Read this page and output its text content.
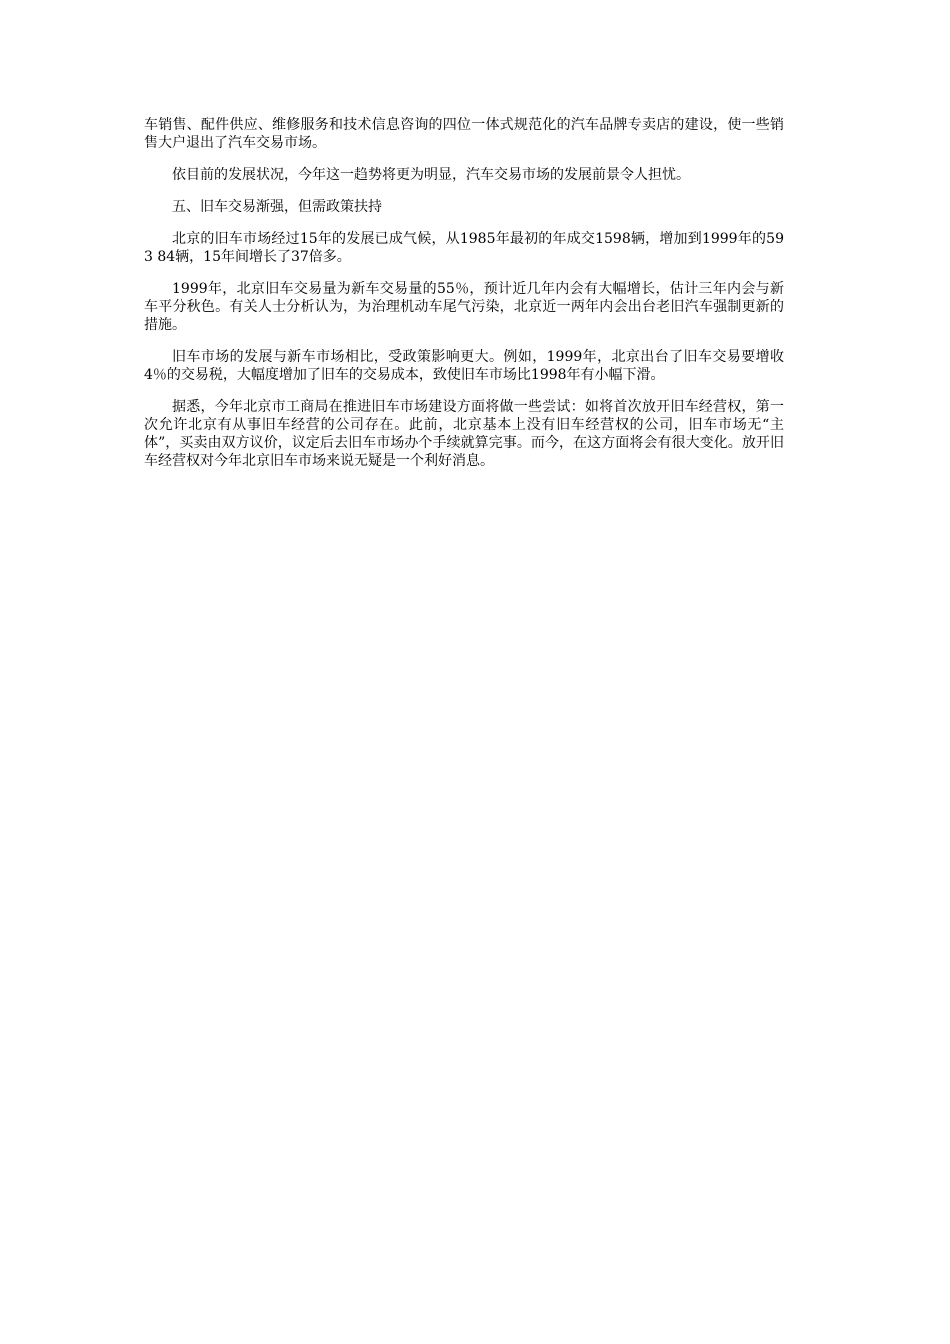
车销售、配件供应、维修服务和技术信息咨询的四位一体式规范化的汽车品牌专卖店的建设，使一些销售大户退出了汽车交易市场。

依目前的发展状况，今年这一趋势将更为明显，汽车交易市场的发展前景令人担忧。

五、旧车交易渐强，但需政策扶持

北京的旧车市场经过15年的发展已成气候，从1985年最初的年成交1598辆，增加到1999年的593 84辆，15年间增长了37倍多。

1999年，北京旧车交易量为新车交易量的55％，预计近几年内会有大幅增长，估计三年内会与新车平分秋色。有关人士分析认为，为治理机动车尾气污染，北京近一两年内会出台老旧汽车强制更新的措施。

旧车市场的发展与新车市场相比，受政策影响更大。例如，1999年，北京出台了旧车交易要增收4％的交易税，大幅度增加了旧车的交易成本，致使旧车市场比1998年有小幅下滑。

据悉，今年北京市工商局在推进旧车市场建设方面将做一些尝试：如将首次放开旧车经营权，第一次允许北京有从事旧车经营的公司存在。此前，北京基本上没有旧车经营权的公司，旧车市场无“主体”，买卖由双方议价，议定后去旧车市场办个手续就算完事。而今，在这方面将会有很大变化。放开旧车经营权对今年北京旧车市场来说无疑是一个利好消息。
